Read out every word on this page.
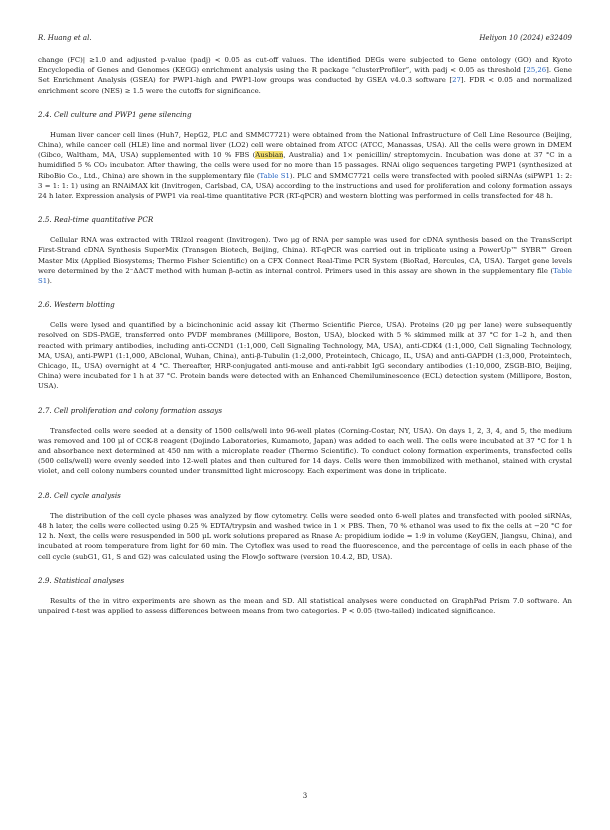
R. Huang et al.	Heliyon 10 (2024) e32409

change (FC)| ≥1.0 and adjusted p-value (padj) < 0.05 as cut-off values. The identified DEGs were subjected to Gene ontology (GO) and Kyoto Encyclopedia of Genes and Genomes (KEGG) enrichment analysis using the R package “clusterProfiler”, with padj < 0.05 as threshold [25,26]. Gene Set Enrichment Analysis (GSEA) for PWP1-high and PWP1-low groups was conducted by GSEA v4.0.3 software [27]. FDR < 0.05 and normalized enrichment score (NES) ≥ 1.5 were the cutoffs for significance.

2.4. Cell culture and PWP1 gene silencing

Human liver cancer cell lines (Huh7, HepG2, PLC and SMMC7721) were obtained from the National Infrastructure of Cell Line Resource (Beijing, China), while cancer cell (HLE) line and normal liver (LO2) cell were obtained from ATCC (ATCC, Manassas, USA). All the cells were grown in DMEM (Gibco, Waltham, MA, USA) supplemented with 10 % FBS (Ausbian, Australia) and 1× penicillin/ streptomycin. Incubation was done at 37 °C in a humidified 5 % CO₂ incubator. After thawing, the cells were used for no more than 15 passages. RNAi oligo sequences targeting PWP1 (synthesized at RiboBio Co., Ltd., China) are shown in the supplementary file (Table S1). PLC and SMMC7721 cells were transfected with pooled siRNAs (siPWP1 1: 2: 3 = 1: 1: 1) using an RNAiMAX kit (Invitrogen, Carlsbad, CA, USA) according to the instructions and used for proliferation and colony formation assays 24 h later. Expression analysis of PWP1 via real-time quantitative PCR (RT-qPCR) and western blotting was performed in cells transfected for 48 h.

2.5. Real-time quantitative PCR

Cellular RNA was extracted with TRIzol reagent (Invitrogen). Two μg of RNA per sample was used for cDNA synthesis based on the TransScript First-Strand cDNA Synthesis SuperMix (Transgen Biotech, Beijing, China). RT-qPCR was carried out in triplicate using a PowerUp™ SYBR™ Green Master Mix (Applied Biosystems; Thermo Fisher Scientific) on a CFX Connect Real-Time PCR System (BioRad, Hercules, CA, USA). Target gene levels were determined by the 2⁻ΔΔCT method with human β-actin as internal control. Primers used in this assay are shown in the supplementary file (Table S1).

2.6. Western blotting

Cells were lysed and quantified by a bicinchoninic acid assay kit (Thermo Scientific Pierce, USA). Proteins (20 μg per lane) were subsequently resolved on SDS-PAGE, transferred onto PVDF membranes (Millipore, Boston, USA), blocked with 5 % skimmed milk at 37 °C for 1–2 h, and then reacted with primary antibodies, including anti-CCND1 (1:1,000, Cell Signaling Technology, MA, USA), anti-CDK4 (1:1,000, Cell Signaling Technology, MA, USA), anti-PWP1 (1:1,000, ABclonal, Wuhan, China), anti-β-Tubulin (1:2,000, Proteintech, Chicago, IL, USA) and anti-GAPDH (1:3,000, Proteintech, Chicago, IL, USA) overnight at 4 °C. Thereafter, HRP-conjugated anti-mouse and anti-rabbit IgG secondary antibodies (1:10,000, ZSGB-BIO, Beijing, China) were incubated for 1 h at 37 °C. Protein bands were detected with an Enhanced Chemiluminescence (ECL) detection system (Millipore, Boston, USA).

2.7. Cell proliferation and colony formation assays

Transfected cells were seeded at a density of 1500 cells/well into 96-well plates (Corning-Costar, NY, USA). On days 1, 2, 3, 4, and 5, the medium was removed and 100 μl of CCK-8 reagent (Dojindo Laboratories, Kumamoto, Japan) was added to each well. The cells were incubated at 37 °C for 1 h and absorbance next determined at 450 nm with a microplate reader (Thermo Scientific). To conduct colony formation experiments, transfected cells (500 cells/well) were evenly seeded into 12-well plates and then cultured for 14 days. Cells were then immobilized with methanol, stained with crystal violet, and cell colony numbers counted under transmitted light microscopy. Each experiment was done in triplicate.

2.8. Cell cycle analysis

The distribution of the cell cycle phases was analyzed by flow cytometry. Cells were seeded onto 6-well plates and transfected with pooled siRNAs, 48 h later, the cells were collected using 0.25 % EDTA/trypsin and washed twice in 1 × PBS. Then, 70 % ethanol was used to fix the cells at −20 °C for 12 h. Next, the cells were resuspended in 500 μL work solutions prepared as Rnase A: propidium iodide = 1:9 in volume (KeyGEN, Jiangsu, China), and incubated at room temperature from light for 60 min. The Cytoflex was used to read the fluorescence, and the percentage of cells in each phase of the cell cycle (subG1, G1, S and G2) was calculated using the FlowJo software (version 10.4.2, BD, USA).

2.9. Statistical analyses

Results of the in vitro experiments are shown as the mean and SD. All statistical analyses were conducted on GraphPad Prism 7.0 software. An unpaired t-test was applied to assess differences between means from two categories. P < 0.05 (two-tailed) indicated significance.

3
